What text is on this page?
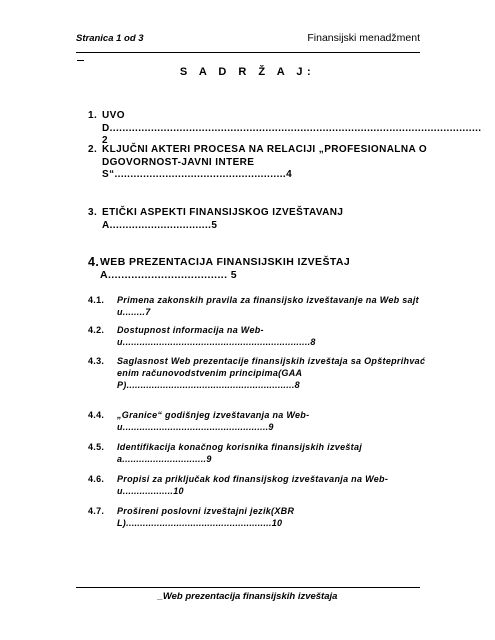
Stranica 1 od 3	Finansijski menadžment
S A D R Ž A J:
1. UVOD.....................................................................................................................2
2. KLJUČNI AKTERI PROCESA NA RELACIJI „PROFESIONALNA ODGOVORNOST-JAVNI INTERES“......................................................4
3. ETIČKI ASPEKTI FINANSIJSKOG IZVEŠTAVANJA................................5
4. WEB PREZENTACIJA FINANSIJSKIH IZVEŠTAJA.................................... 5
4.1. Primena zakonskih pravila za finansijsko izveštavanje na Web sajtu........7
4.2. Dostupnost informacija na Web-u...................................................................8
4.3. Saglasnost Web prezentacije finansijskih izveštaja sa Opšteprihvaćenim računovodstvenim principima(GAAP)............................................................8
4.4. „Granice“ godišnjeg izveštavanja na Web-u....................................................9
4.5. Identifikacija konačnog korisnika finansijskih izveštaja..............................9
4.6. Propisi za priključak kod finansijskog izveštavanja na Web-u..................10
4.7. Prošireni poslovni izveštajni jezik(XBRL)....................................................10
_Web prezentacija finansijskih izveštaja
